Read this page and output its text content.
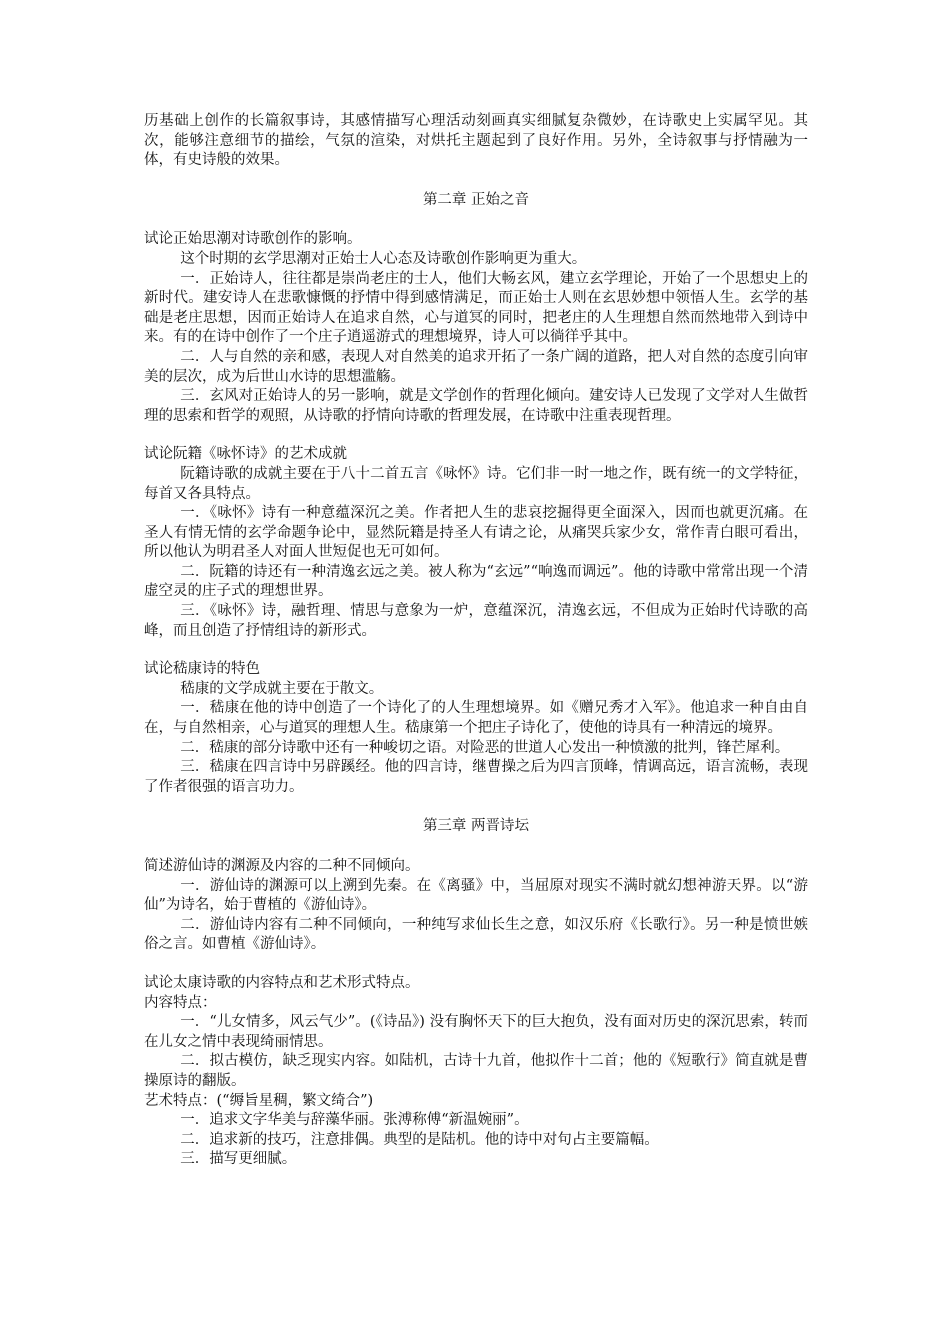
历基础上创作的长篇叙事诗，其感情描写心理活动刻画真实细腻复杂微妙，在诗歌史上实属罕见。其次，能够注意细节的描绘，气氛的渲染，对烘托主题起到了良好作用。另外，全诗叙事与抒情融为一体，有史诗般的效果。

第二章 正始之音

试论正始思潮对诗歌创作的影响。

这个时期的玄学思潮对正始士人心态及诗歌创作影响更为重大。

一．正始诗人，往往都是崇尚老庄的士人，他们大畅玄风，建立玄学理论，开始了一个思想史上的新时代。建安诗人在悲歌慷慨的抒情中得到感情满足，而正始士人则在玄思妙想中领悟人生。玄学的基础是老庄思想，因而正始诗人在追求自然，心与道冥的同时，把老庄的人生理想自然而然地带入到诗中来。有的在诗中创作了一个庄子逍遥游式的理想境界，诗人可以徜徉乎其中。

二．人与自然的亲和感，表现人对自然美的追求开拓了一条广阔的道路，把人对自然的态度引向审美的层次，成为后世山水诗的思想滥觞。

三．玄风对正始诗人的另一影响，就是文学创作的哲理化倾向。建安诗人已发现了文学对人生做哲理的思索和哲学的观照，从诗歌的抒情向诗歌的哲理发展，在诗歌中注重表现哲理。

试论阮籍《咏怀诗》的艺术成就

阮籍诗歌的成就主要在于八十二首五言《咏怀》诗。它们非一时一地之作，既有统一的文学特征，每首又各具特点。

一．《咏怀》诗有一种意蕴深沉之美。作者把人生的悲哀挖掘得更全面深入，因而也就更沉痛。在圣人有情无情的玄学命题争论中，显然阮籍是持圣人有请之论，从痛哭兵家少女，常作青白眼可看出，所以他认为明君圣人对面人世短促也无可如何。

二．阮籍的诗还有一种清逸玄远之美。被人称为“玄远”“响逸而调远”。他的诗歌中常常出现一个清虚空灵的庄子式的理想世界。

三．《咏怀》诗，融哲理、情思与意象为一炉，意蕴深沉，清逸玄远，不但成为正始时代诗歌的高峰，而且创造了抒情组诗的新形式。

试论嵇康诗的特色

嵇康的文学成就主要在于散文。

一．嵇康在他的诗中创造了一个诗化了的人生理想境界。如《赠兄秀才入军》。他追求一种自由自在，与自然相亲，心与道冥的理想人生。嵇康第一个把庄子诗化了，使他的诗具有一种清远的境界。

二．嵇康的部分诗歌中还有一种峻切之语。对险恶的世道人心发出一种愤激的批判，锋芒犀利。

三．嵇康在四言诗中另辟蹊经。他的四言诗，继曹操之后为四言顶峰，情调高远，语言流畅，表现了作者很强的语言功力。

第三章 两晋诗坛

简述游仙诗的渊源及内容的二种不同倾向。

一．游仙诗的渊源可以上溯到先秦。在《离骚》中，当屈原对现实不满时就幻想神游天界。以“游仙”为诗名，始于曹植的《游仙诗》。

二．游仙诗内容有二种不同倾向，一种纯写求仙长生之意，如汉乐府《长歌行》。另一种是愤世嫉俗之言。如曹植《游仙诗》。

试论太康诗歌的内容特点和艺术形式特点。

内容特点：

一．“儿女情多，风云气少”。(《诗品》) 没有胸怀天下的巨大抱负，没有面对历史的深沉思索，转而在儿女之情中表现绮丽情思。

二．拟古模仿，缺乏现实内容。如陆机，古诗十九首，他拟作十二首；他的《短歌行》简直就是曹操原诗的翻版。

艺术特点：(“缛旨星稠，繁文绮合”)

一．追求文字华美与辞藻华丽。张溥称傅“新温婉丽”。

二．追求新的技巧，注意排偶。典型的是陆机。他的诗中对句占主要篇幅。

三．描写更细腻。
